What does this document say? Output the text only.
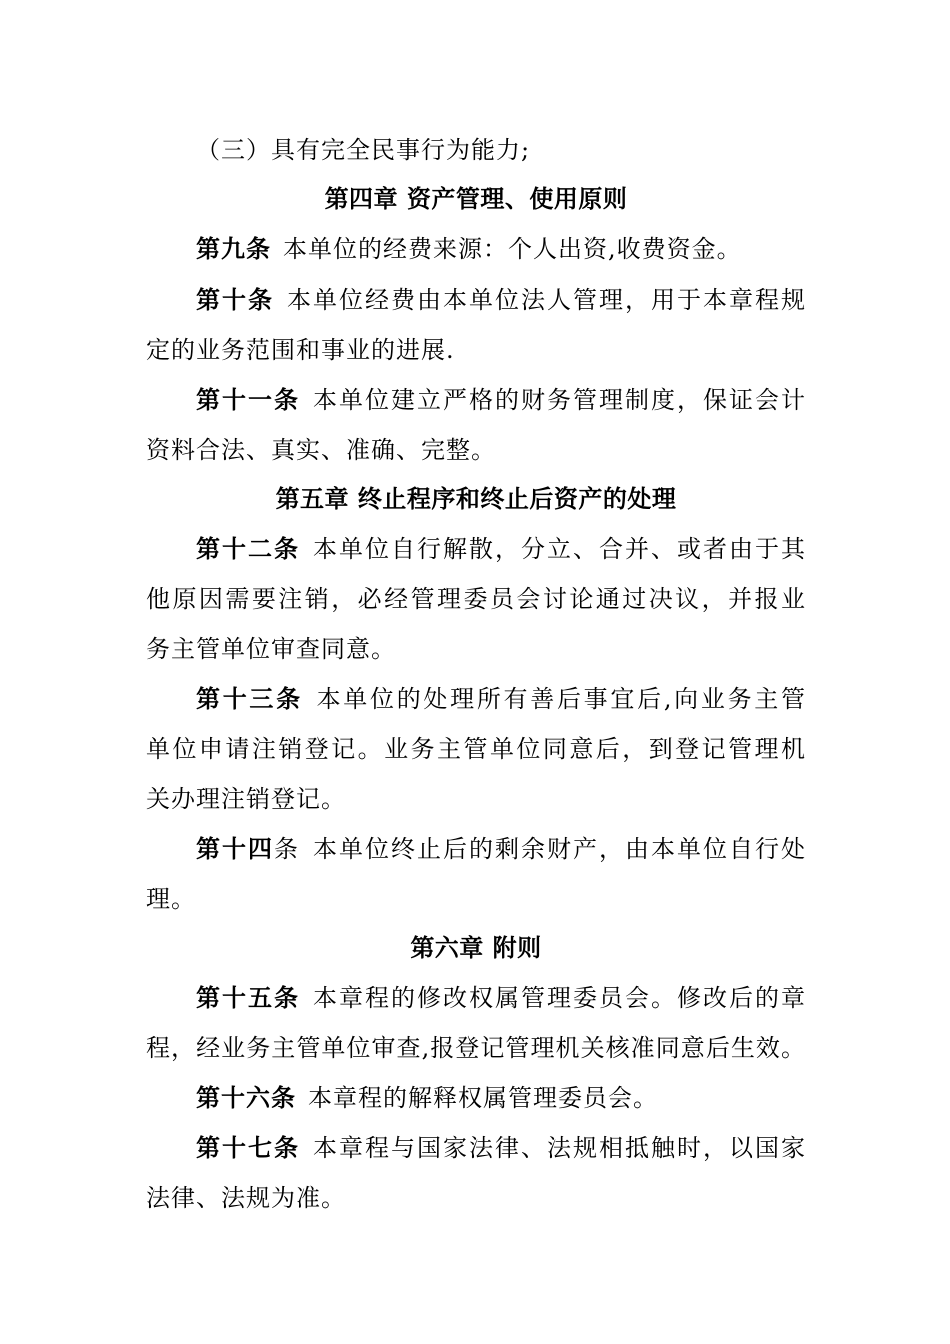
（三）具有完全民事行为能力;
第四章 资产管理、使用原则
第九条 本单位的经费来源：个人出资,收费资金。
第十条 本单位经费由本单位法人管理，用于本章程规
定的业务范围和事业的进展.
第十一条 本单位建立严格的财务管理制度，保证会计
资料合法、真实、准确、完整。
第五章 终止程序和终止后资产的处理
第十二条 本单位自行解散，分立、合并、或者由于其
他原因需要注销，必经管理委员会讨论通过决议，并报业
务主管单位审查同意。
第十三条 本单位的处理所有善后事宜后,向业务主管
单位申请注销登记。业务主管单位同意后，到登记管理机
关办理注销登记。
第十四条 本单位终止后的剩余财产，由本单位自行处
理。
第六章 附则
第十五条 本章程的修改权属管理委员会。修改后的章
程，经业务主管单位审查,报登记管理机关核准同意后生效。
第十六条 本章程的解释权属管理委员会。
第十七条 本章程与国家法律、法规相抵触时，以国家
法律、法规为准。
